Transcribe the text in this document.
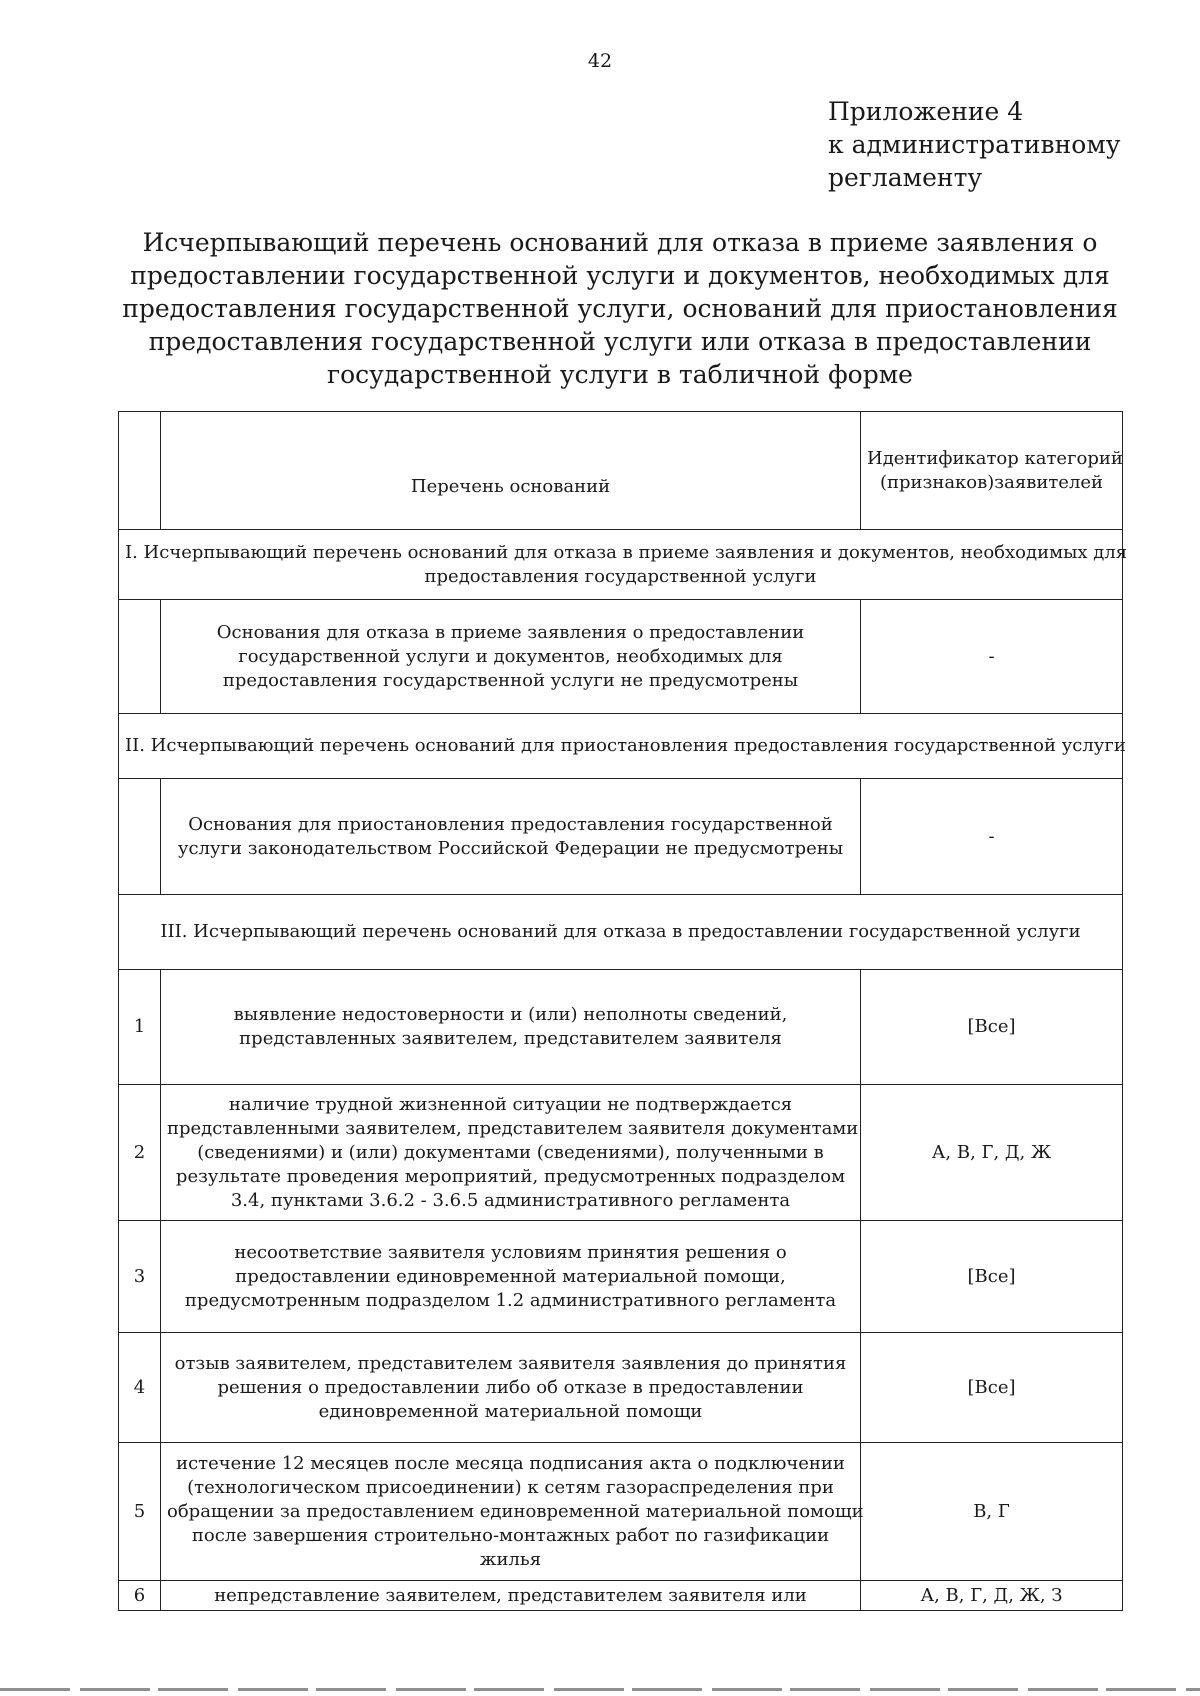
42
Приложение 4
к административному
регламенту
Исчерпывающий перечень оснований для отказа в приеме заявления о
предоставлении государственной услуги и документов, необходимых для
предоставления государственной услуги, оснований для приостановления
предоставления государственной услуги или отказа в предоставлении
государственной услуги в табличной форме
	Перечень оснований	Идентификатор категорий
(признаков)заявителей

I. Исчерпывающий перечень оснований для отказа в приеме заявления и документов, необходимых для
предоставления государственной услуги		

	Основания для отказа в приеме заявления о предоставлении
государственной услуги и документов, необходимых для
предоставления государственной услуги не предусмотрены	-

II. Исчерпывающий перечень оснований для приостановления предоставления государственной услуги		

	Основания для приостановления предоставления государственной
услуги законодательством Российской Федерации не предусмотрены	-

III. Исчерпывающий перечень оснований для отказа в предоставлении государственной услуги		

1	выявление недостоверности и (или) неполноты сведений,
представленных заявителем, представителем заявителя	[Все]
2	наличие трудной жизненной ситуации не подтверждается
представленными заявителем, представителем заявителя документами
(сведениями) и (или) документами (сведениями), полученными в
результате проведения мероприятий, предусмотренных подразделом
3.4, пунктами 3.6.2 - 3.6.5 административного регламента	А, В, Г, Д, Ж
3	несоответствие заявителя условиям принятия решения о
предоставлении единовременной материальной помощи,
предусмотренным подразделом 1.2 административного регламента	[Все]
4	отзыв заявителем, представителем заявителя заявления до принятия
решения о предоставлении либо об отказе в предоставлении
единовременной материальной помощи	[Все]
5	истечение 12 месяцев после месяца подписания акта о подключении
(технологическом присоединении) к сетям газораспределения при
обращении за предоставлением единовременной материальной помощи
после завершения строительно-монтажных работ по газификации
жилья	В, Г
6	непредставление заявителем, представителем заявителя или	А, В, Г, Д, Ж, З
